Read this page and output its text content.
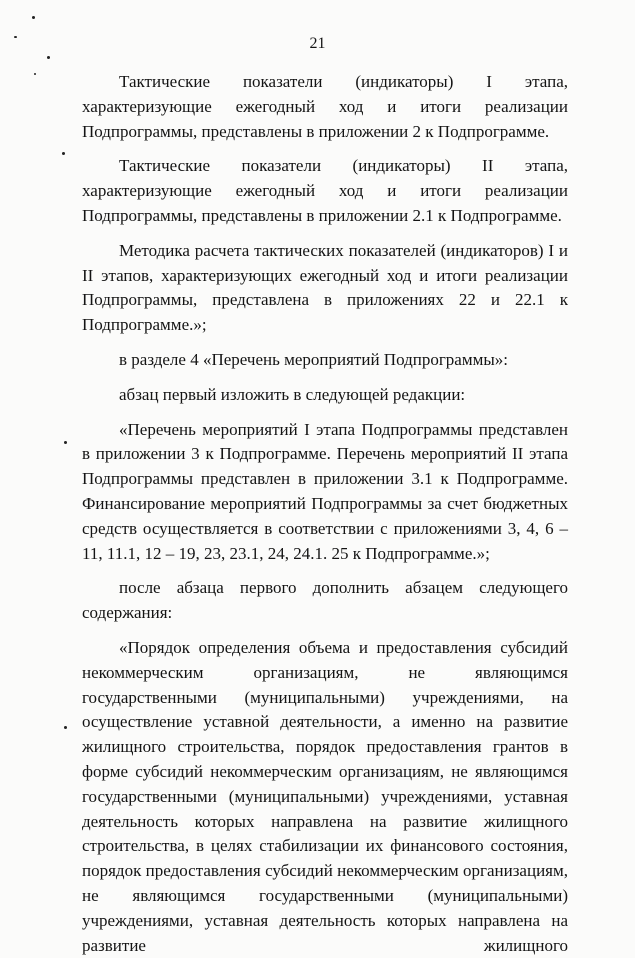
21

Тактические показатели (индикаторы) I этапа, характеризующие ежегодный ход и итоги реализации Подпрограммы, представлены в приложении 2 к Подпрограмме.

Тактические показатели (индикаторы) II этапа, характеризующие ежегодный ход и итоги реализации Подпрограммы, представлены в приложении 2.1 к Подпрограмме.

Методика расчета тактических показателей (индикаторов) I и II этапов, характеризующих ежегодный ход и итоги реализации Подпрограммы, представлена в приложениях 22 и 22.1 к Подпрограмме.»;

в разделе 4 «Перечень мероприятий Подпрограммы»:

абзац первый изложить в следующей редакции:

«Перечень мероприятий I этапа Подпрограммы представлен в приложении 3 к Подпрограмме. Перечень мероприятий II этапа Подпрограммы представлен в приложении 3.1 к Подпрограмме. Финансирование мероприятий Подпрограммы за счет бюджетных средств осуществляется в соответствии с приложениями 3, 4, 6 – 11, 11.1, 12 – 19, 23, 23.1, 24, 24.1. 25 к Подпрограмме.»;

после абзаца первого дополнить абзацем следующего содержания:

«Порядок определения объема и предоставления субсидий некоммерческим организациям, не являющимся государственными (муниципальными) учреждениями, на осуществление уставной деятельности, а именно на развитие жилищного строительства, порядок предоставления грантов в форме субсидий некоммерческим организациям, не являющимся государственными (муниципальными) учреждениями, уставная деятельность которых направлена на развитие жилищного строительства, в целях стабилизации их финансового состояния, порядок предоставления субсидий некоммерческим организациям, не являющимся государственными (муниципальными) учреждениями, уставная деятельность которых направлена на развитие жилищного
